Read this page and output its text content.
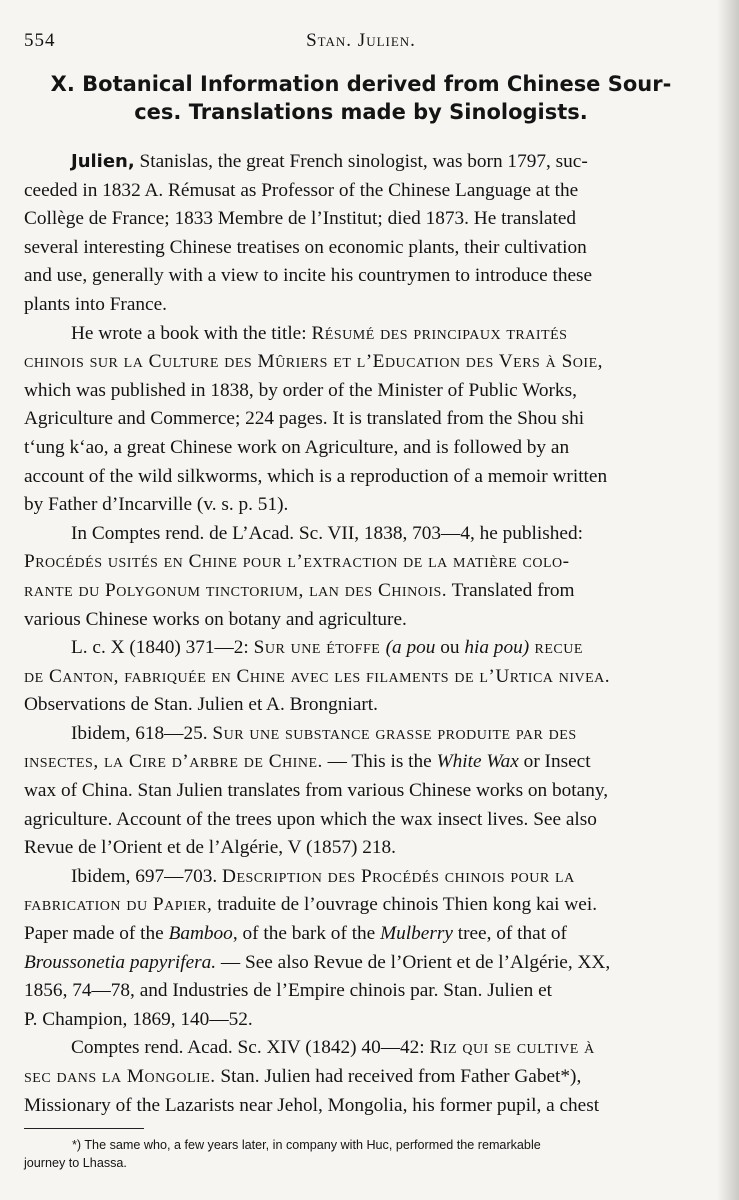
554	Stan. Julien.
X. Botanical Information derived from Chinese Sour-
ces. Translations made by Sinologists.

Julien, Stanislas, the great French sinologist, was born 1797, suc-
ceeded in 1832 A. Rémusat as Professor of the Chinese Language at the
Collège de France; 1833 Membre de l’Institut; died 1873. He translated
several interesting Chinese treatises on economic plants, their cultivation
and use, generally with a view to incite his countrymen to introduce these
plants into France.

He wrote a book with the title: Résumé des principaux traités
chinois sur la Culture des Mûriers et l’Education des Vers à Soie,
which was published in 1838, by order of the Minister of Public Works,
Agriculture and Commerce; 224 pages. It is translated from the Shou shi
t‘ung k‘ao, a great Chinese work on Agriculture, and is followed by an
account of the wild silkworms, which is a reproduction of a memoir written
by Father d’Incarville (v. s. p. 51).

In Comptes rend. de L’Acad. Sc. VII, 1838, 703—4, he published:
Procédés usités en Chine pour l’extraction de la matière colo-
rante du Polygonum tinctorium, lan des Chinois. Translated from
various Chinese works on botany and agriculture.

L. c. X (1840) 371—2: Sur une étoffe (a pou ou hia pou) recue
de Canton, fabriquée en Chine avec les filaments de l’Urtica nivea.
Observations de Stan. Julien et A. Brongniart.

Ibidem, 618—25. Sur une substance grasse produite par des
insectes, la Cire d’arbre de Chine. — This is the White Wax or Insect
wax of China. Stan Julien translates from various Chinese works on botany,
agriculture. Account of the trees upon which the wax insect lives. See also
Revue de l’Orient et de l’Algérie, V (1857) 218.

Ibidem, 697—703. Description des Procédés chinois pour la
fabrication du Papier, traduite de l’ouvrage chinois Thien kong kai wei.
Paper made of the Bamboo, of the bark of the Mulberry tree, of that of
Broussonetia papyrifera. — See also Revue de l’Orient et de l’Algérie, XX,
1856, 74—78, and Industries de l’Empire chinois par. Stan. Julien et
P. Champion, 1869, 140—52.

Comptes rend. Acad. Sc. XIV (1842) 40—42: Riz qui se cultive à
sec dans la Mongolie. Stan. Julien had received from Father Gabet*),
Missionary of the Lazarists near Jehol, Mongolia, his former pupil, a chest

*) The same who, a few years later, in company with Huc, performed the remarkable
journey to Lhassa.
